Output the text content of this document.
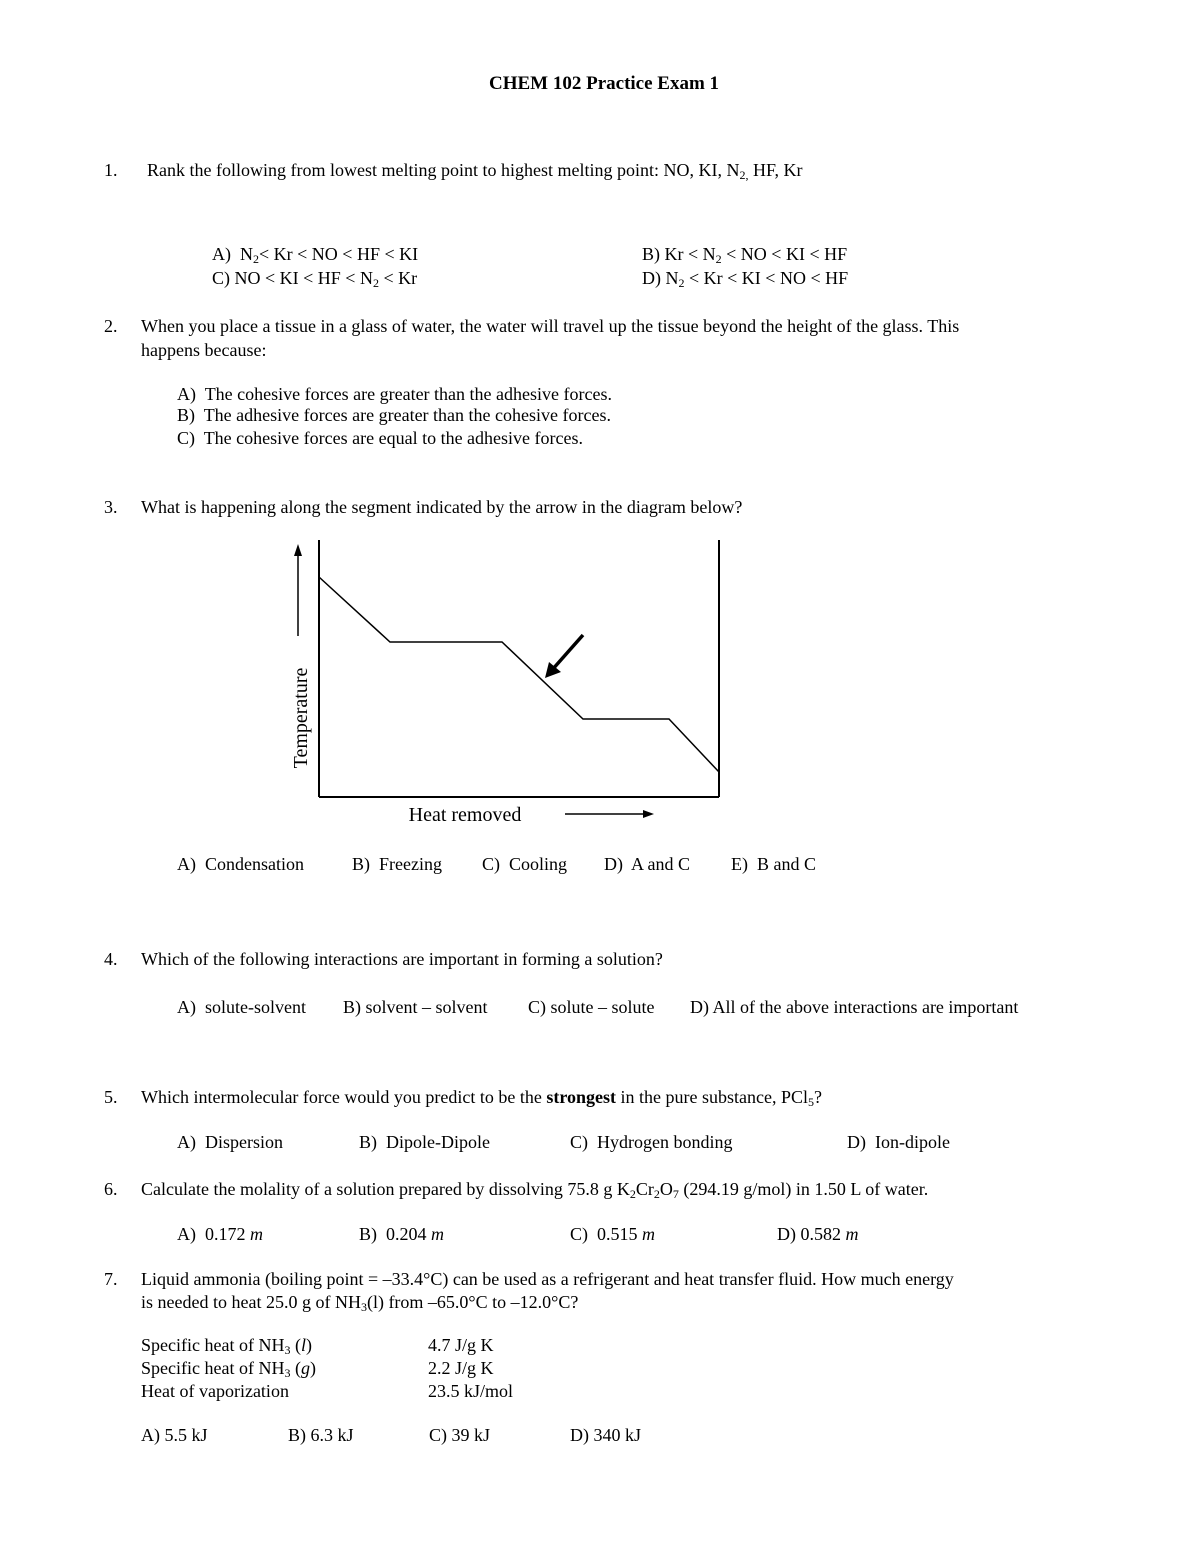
CHEM 102 Practice Exam 1
1. Rank the following from lowest melting point to highest melting point: NO, KI, $N_{2,}$ HF, Kr
A) $N_2< Kr$ < NO < HF < KI	B) $Kr < N_2$ < NO < KI < HF
C) NO < KI < HF < $N_2 < Kr$	D) $N_2 < Kr$ < KI < NO < HF
2. When you place a tissue in a glass of water, the water will travel up the tissue beyond the height of the glass. This
happens because:
A) The cohesive forces are greater than the adhesive forces.
B) The adhesive forces are greater than the cohesive forces.
C) The cohesive forces are equal to the adhesive forces.
3. What is happening along the segment indicated by the arrow in the diagram below?
Temperature
Heat removed
A) Condensation	B) Freezing C) Cooling D) A and C E) B and C
4. Which of the following interactions are important in forming a solution?
A) solute-solvent B) solvent – solvent C) solute – solute D) All of the above interactions are important
5. Which intermolecular force would you predict to be the strongest in the pure substance, PCl$_5$?
A) Dispersion	B) Dipole-Dipole	C) Hydrogen bonding	D) Ion-dipole
6. Calculate the molality of a solution prepared by dissolving 75.8 g $K_2Cr_2O_7$ (294.19 g/mol) in 1.50 L of water.
A) 0.172 m	B) 0.204 m	C) 0.515 m	D) 0.582 m
7. Liquid ammonia (boiling point = –33.4°C) can be used as a refrigerant and heat transfer fluid. How much energy
is needed to heat 25.0 g of $NH_3(l)$ from –65.0°C to –12.0°C?
Specific heat of $NH_3$ (l)	4.7 J/g K
Specific heat of $NH_3$ (g)	2.2 J/g K
Heat of vaporization	23.5 kJ/mol
A) 5.5 kJ	B) 6.3 kJ	C) 39 kJ	D) 340 kJ
